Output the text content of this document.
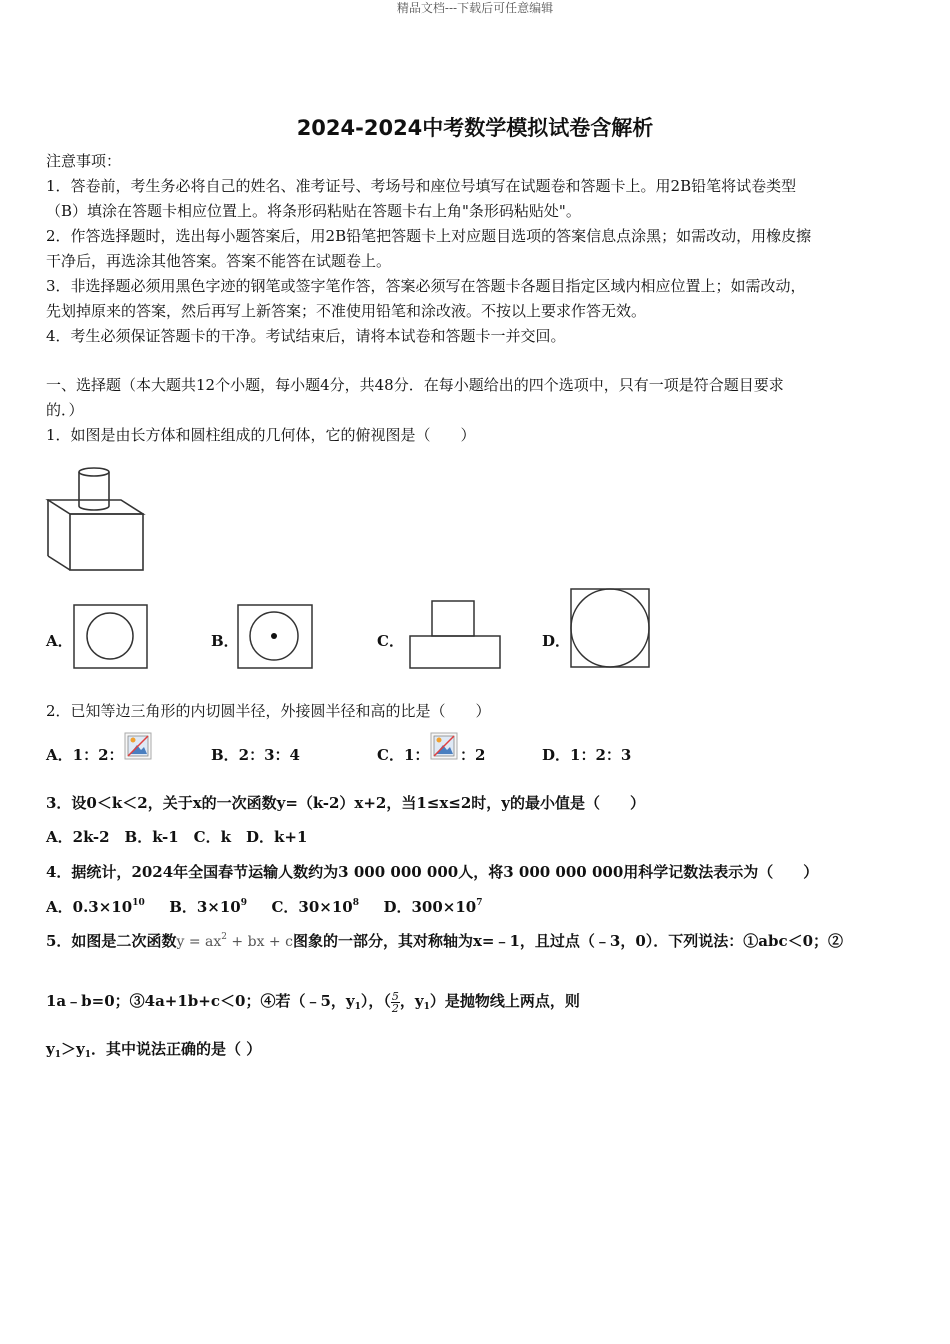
精品文档---下载后可任意编辑
2024-2024中考数学模拟试卷含解析
注意事项：
1．答卷前，考生务必将自己的姓名、准考证号、考场号和座位号填写在试题卷和答题卡上。用2B铅笔将试卷类型
（B）填涂在答题卡相应位置上。将条形码粘贴在答题卡右上角"条形码粘贴处"。
2．作答选择题时，选出每小题答案后，用2B铅笔把答题卡上对应题目选项的答案信息点涂黑；如需改动，用橡皮擦
干净后，再选涂其他答案。答案不能答在试题卷上。
3．非选择题必须用黑色字迹的钢笔或签字笔作答，答案必须写在答题卡各题目指定区域内相应位置上；如需改动，
先划掉原来的答案，然后再写上新答案；不准使用铅笔和涂改液。不按以上要求作答无效。
4．考生必须保证答题卡的干净。考试结束后，请将本试卷和答题卡一并交回。
一、选择题（本大题共12个小题，每小题4分，共48分．在每小题给出的四个选项中，只有一项是符合题目要求
的．）
1．如图是由长方体和圆柱组成的几何体，它的俯视图是（　　）
A．	B．	C．	D．
2．已知等边三角形的内切圆半径，外接圆半径和高的比是（　　）
A．1：2：	B．2：3：4	C．1： ：2	D．1：2：3
3．设0＜k＜2，关于x的一次函数y=（k-2）x+2，当1≤x≤2时，y的最小值是（　　）
A．2k-2　B．k-1　C．k　D．k+1
4．据统计，2024年全国春节运输人数约为3 000 000 000人，将3 000 000 000用科学记数法表示为（　　）
A．$0.3\times 10^{10}$ B．$3\times 10^9$ C．$30\times 10^8$ D．$300\times 10^7$
5．如图是二次函数$y = ax^2$ + bx + c图象的一部分，其对称轴为x=﹣1，且过点（﹣3，0）．下列说法：①abc＜0；②
1a﹣b=0；③4a+1b+c＜0；④若（﹣5，$y_1$），（ $\frac{5}{2}$ ，$y_1$）是抛物线上两点，则
$y_1>y_1$．其中说法正确的是（ ）
